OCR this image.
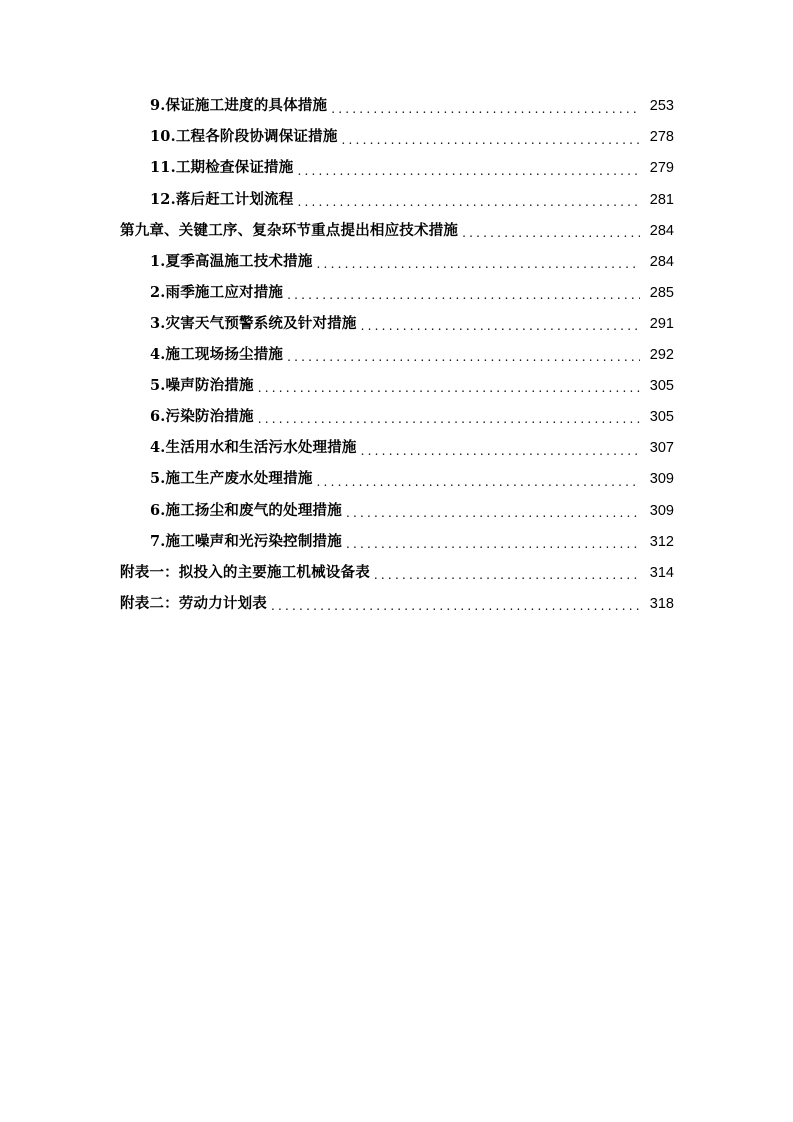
9.保证施工进度的具体措施 .....	253
10.工程各阶段协调保证措施 .....	278
11.工期检查保证措施 .....	279
12.落后赶工计划流程 .....	281
第九章、关键工序、复杂环节重点提出相应技术措施 .....	284
1.夏季高温施工技术措施 .....	284
2.雨季施工应对措施 .....	285
3.灾害天气预警系统及针对措施 .....	291
4.施工现场扬尘措施 .....	292
5.噪声防治措施 .....	305
6.污染防治措施 .....	305
4.生活用水和生活污水处理措施 .....	307
5.施工生产废水处理措施 .....	309
6.施工扬尘和废气的处理措施 .....	309
7.施工噪声和光污染控制措施 .....	312
附表一：拟投入的主要施工机械设备表 .....	314
附表二：劳动力计划表 .....	318
